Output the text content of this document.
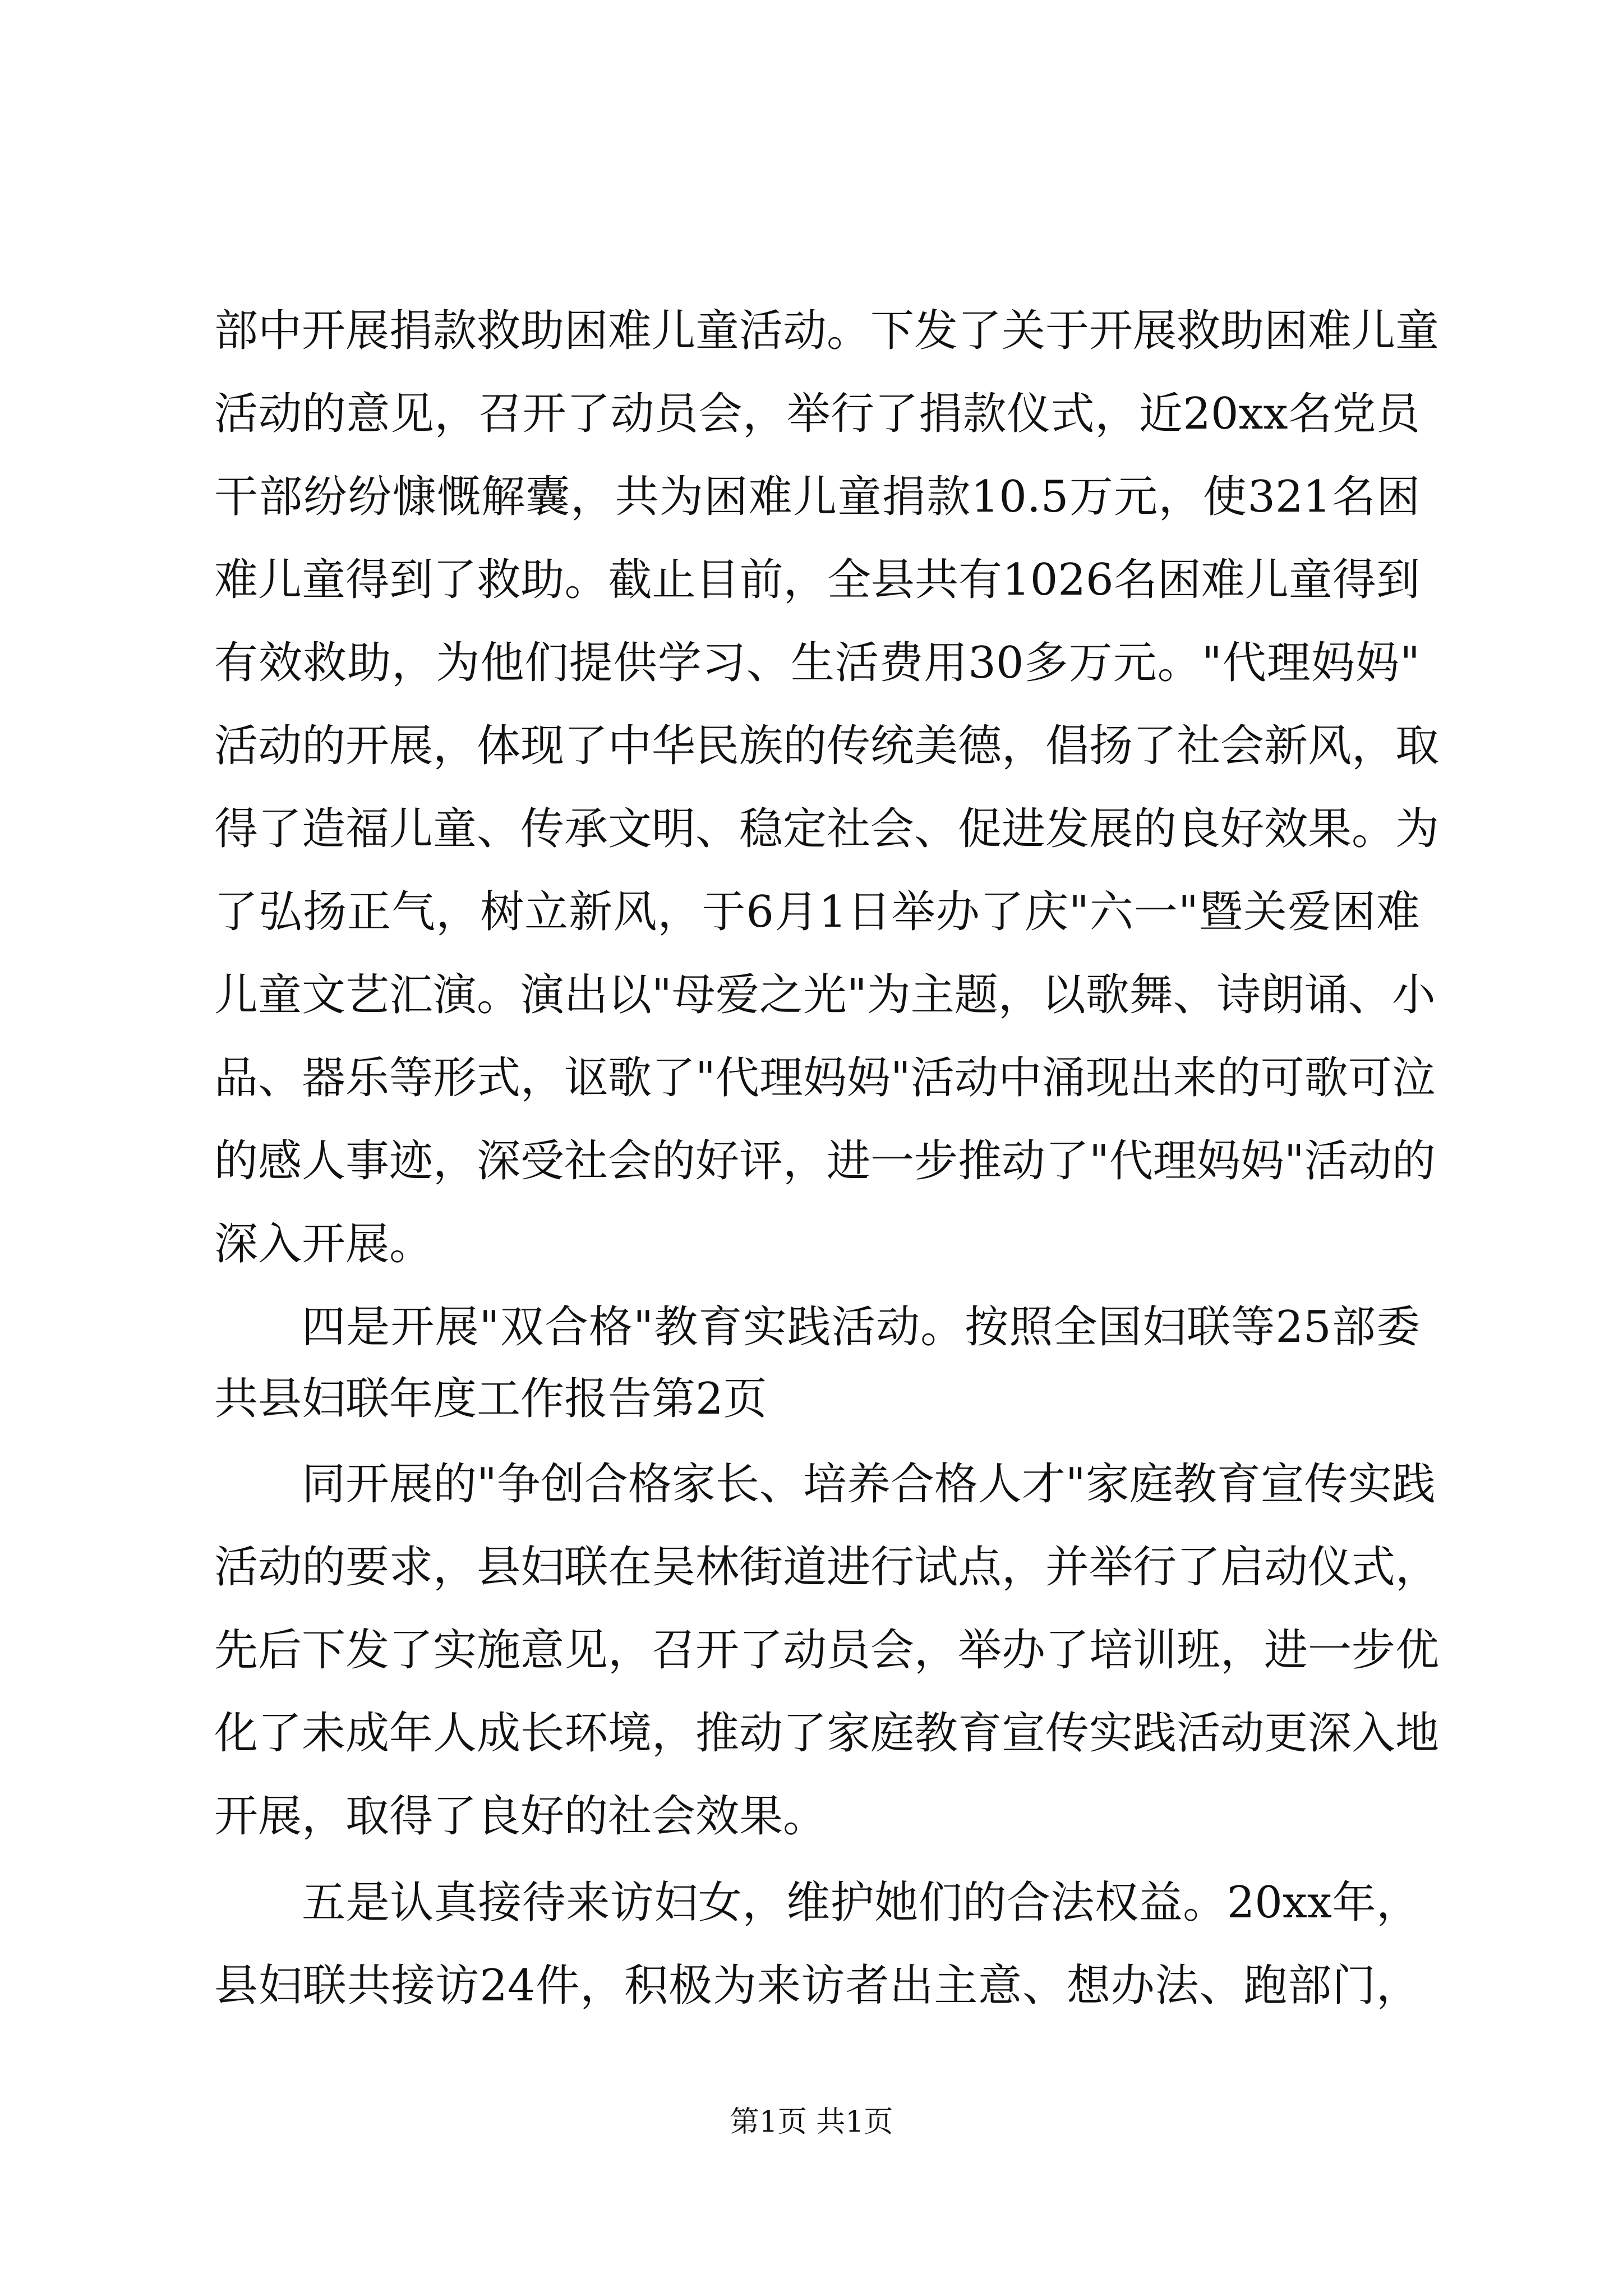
部中开展捐款救助困难儿童活动。下发了关于开展救助困难儿童
活动的意见，召开了动员会，举行了捐款仪式，近20xx名党员
干部纷纷慷慨解囊，共为困难儿童捐款10.5万元，使321名困
难儿童得到了救助。截止目前，全县共有1026名困难儿童得到
有效救助，为他们提供学习、生活费用30多万元。"代理妈妈"
活动的开展，体现了中华民族的传统美德，倡扬了社会新风，取
得了造福儿童、传承文明、稳定社会、促进发展的良好效果。为
了弘扬正气，树立新风，于6月1日举办了庆"六一"暨关爱困难
儿童文艺汇演。演出以"母爱之光"为主题，以歌舞、诗朗诵、小
品、器乐等形式，讴歌了"代理妈妈"活动中涌现出来的可歌可泣
的感人事迹，深受社会的好评，进一步推动了"代理妈妈"活动的
深入开展。
四是开展"双合格"教育实践活动。按照全国妇联等25部委
共县妇联年度工作报告第2页
同开展的"争创合格家长、培养合格人才"家庭教育宣传实践
活动的要求，县妇联在吴林街道进行试点，并举行了启动仪式，
先后下发了实施意见，召开了动员会，举办了培训班，进一步优
化了未成年人成长环境，推动了家庭教育宣传实践活动更深入地
开展，取得了良好的社会效果。
五是认真接待来访妇女，维护她们的合法权益。20xx年，
县妇联共接访24件，积极为来访者出主意、想办法、跑部门，
第1页 共1页
